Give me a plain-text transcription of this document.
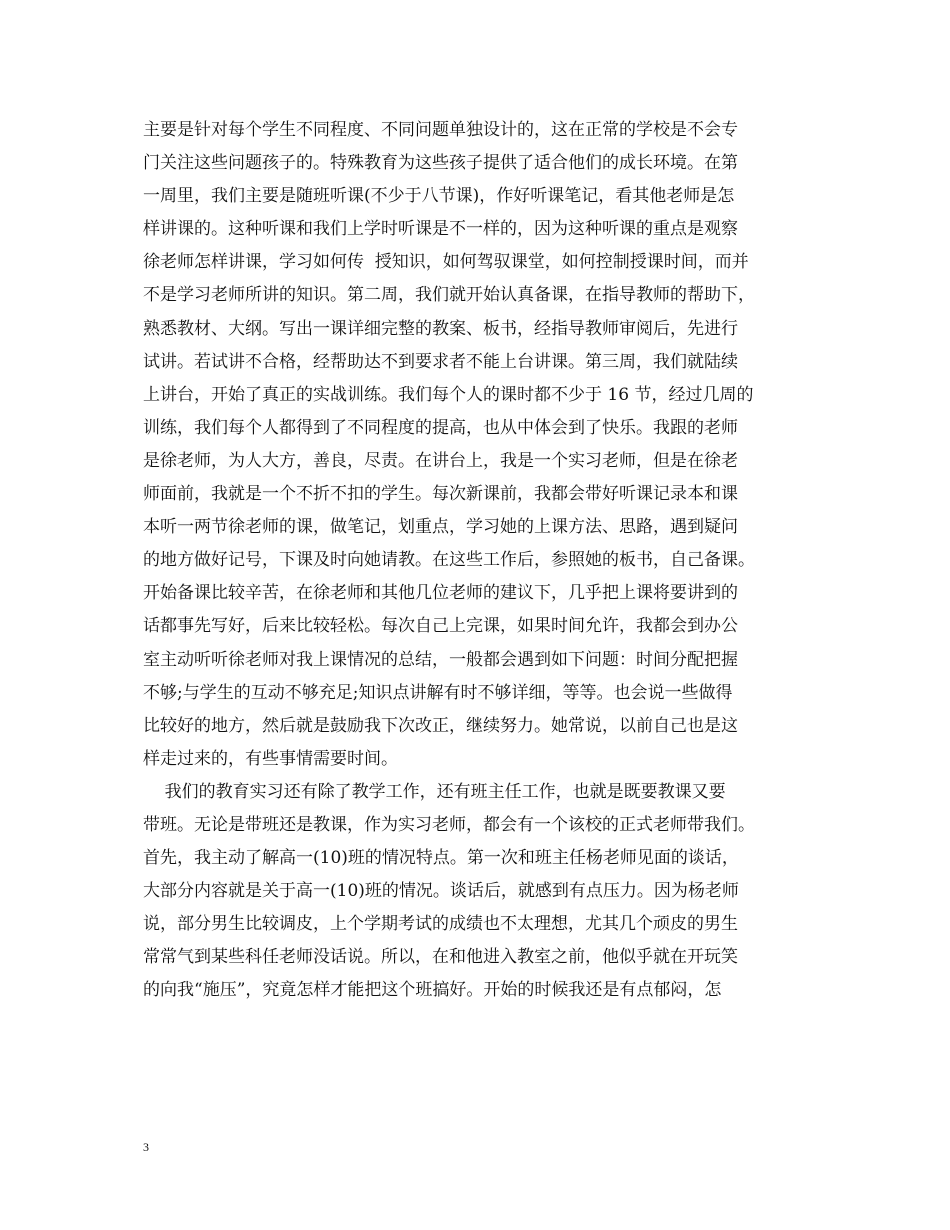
主要是针对每个学生不同程度、不同问题单独设计的，这在正常的学校是不会专
门关注这些问题孩子的。特殊教育为这些孩子提供了适合他们的成长环境。在第
一周里，我们主要是随班听课(不少于八节课)，作好听课笔记，看其他老师是怎
样讲课的。这种听课和我们上学时听课是不一样的，因为这种听课的重点是观察
徐老师怎样讲课，学习如何传  授知识，如何驾驭课堂，如何控制授课时间，而并
不是学习老师所讲的知识。第二周，我们就开始认真备课，在指导教师的帮助下，
熟悉教材、大纲。写出一课详细完整的教案、板书，经指导教师审阅后，先进行
试讲。若试讲不合格，经帮助达不到要求者不能上台讲课。第三周，我们就陆续
上讲台，开始了真正的实战训练。我们每个人的课时都不少于 16 节，经过几周的
训练，我们每个人都得到了不同程度的提高，也从中体会到了快乐。我跟的老师
是徐老师，为人大方，善良，尽责。在讲台上，我是一个实习老师，但是在徐老
师面前，我就是一个不折不扣的学生。每次新课前，我都会带好听课记录本和课
本听一两节徐老师的课，做笔记，划重点，学习她的上课方法、思路，遇到疑问
的地方做好记号，下课及时向她请教。在这些工作后，参照她的板书，自己备课。
开始备课比较辛苦，在徐老师和其他几位老师的建议下，几乎把上课将要讲到的
话都事先写好，后来比较轻松。每次自己上完课，如果时间允许，我都会到办公
室主动听听徐老师对我上课情况的总结，一般都会遇到如下问题：时间分配把握
不够;与学生的互动不够充足;知识点讲解有时不够详细，等等。也会说一些做得
比较好的地方，然后就是鼓励我下次改正，继续努力。她常说，以前自己也是这
样走过来的，有些事情需要时间。
我们的教育实习还有除了教学工作，还有班主任工作，也就是既要教课又要
带班。无论是带班还是教课，作为实习老师，都会有一个该校的正式老师带我们。
首先，我主动了解高一(10)班的情况特点。第一次和班主任杨老师见面的谈话，
大部分内容就是关于高一(10)班的情况。谈话后，就感到有点压力。因为杨老师
说，部分男生比较调皮，上个学期考试的成绩也不太理想，尤其几个顽皮的男生
常常气到某些科任老师没话说。所以，在和他进入教室之前，他似乎就在开玩笑
的向我“施压”，究竟怎样才能把这个班搞好。开始的时候我还是有点郁闷，怎
3
